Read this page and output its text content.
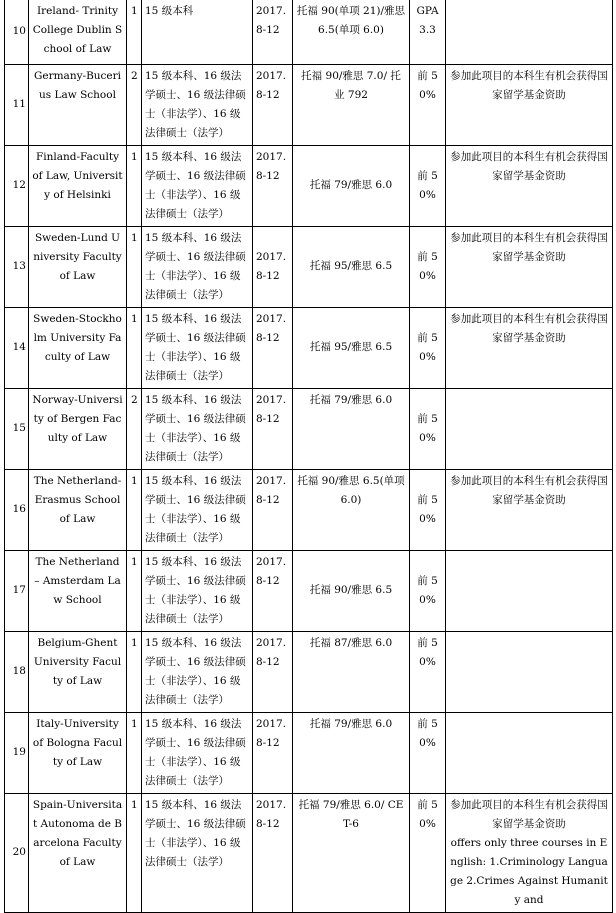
10	Ireland- Trinity College Dublin School of Law	1	15 级本科	2017. 8-12	托福 90(单项 21)/雅思 6.5(单项 6.0)	GPA 3.3	
11	Germany-Bucerius Law School	2	15 级本科、16 级法学硕士、16 级法律硕士（非法学）、16 级法律硕士（法学）	2017. 8-12	托福 90/雅思 7.0/ 托业 792	前 50%	参加此项目的本科生有机会获得国家留学基金资助
12	Finland-Faculty of Law, University of Helsinki	1	15 级本科、16 级法学硕士、16 级法律硕士（非法学）、16 级法律硕士（法学）	2017. 8-12	托福 79/雅思 6.0	前 50%	参加此项目的本科生有机会获得国家留学基金资助
13	Sweden-Lund University Faculty of Law	1	15 级本科、16 级法学硕士、16 级法律硕士（非法学）、16 级法律硕士（法学）	2017. 8-12	托福 95/雅思 6.5	前 50%	参加此项目的本科生有机会获得国家留学基金资助
14	Sweden-Stockholm University Faculty of Law	1	15 级本科、16 级法学硕士、16 级法律硕士（非法学）、16 级法律硕士（法学）	2017. 8-12	托福 95/雅思 6.5	前 50%	参加此项目的本科生有机会获得国家留学基金资助
15	Norway-University of Bergen Faculty of Law	2	15 级本科、16 级法学硕士、16 级法律硕士（非法学）、16 级法律硕士（法学）	2017. 8-12	托福 79/雅思 6.0	前 50%	
16	The Netherland-Erasmus School of Law	1	15 级本科、16 级法学硕士、16 级法律硕士（非法学）、16 级法律硕士（法学）	2017. 8-12	托福 90/雅思 6.5(单项 6.0)	前 50%	参加此项目的本科生有机会获得国家留学基金资助
17	The Netherland – Amsterdam Law School	1	15 级本科、16 级法学硕士、16 级法律硕士（非法学）、16 级法律硕士（法学）	2017. 8-12	托福 90/雅思 6.5	前 50%	
18	Belgium-Ghent University Faculty of Law	1	15 级本科、16 级法学硕士、16 级法律硕士（非法学）、16 级法律硕士（法学）	2017. 8-12	托福 87/雅思 6.0	前 50%	
19	Italy-University of Bologna Faculty of Law	1	15 级本科、16 级法学硕士、16 级法律硕士（非法学）、16 级法律硕士（法学）	2017. 8-12	托福 79/雅思 6.0	前 50%	
20	Spain-Universitat Autonoma de Barcelona Faculty of Law	1	15 级本科、16 级法学硕士、16 级法律硕士（非法学）、16 级法律硕士（法学）	2017. 8-12	托福 79/雅思 6.0/ CET-6	前 50%	参加此项目的本科生有机会获得国家留学基金资助
offers only three courses in English: 1.Criminology Language 2.Crimes Against Humanity and
